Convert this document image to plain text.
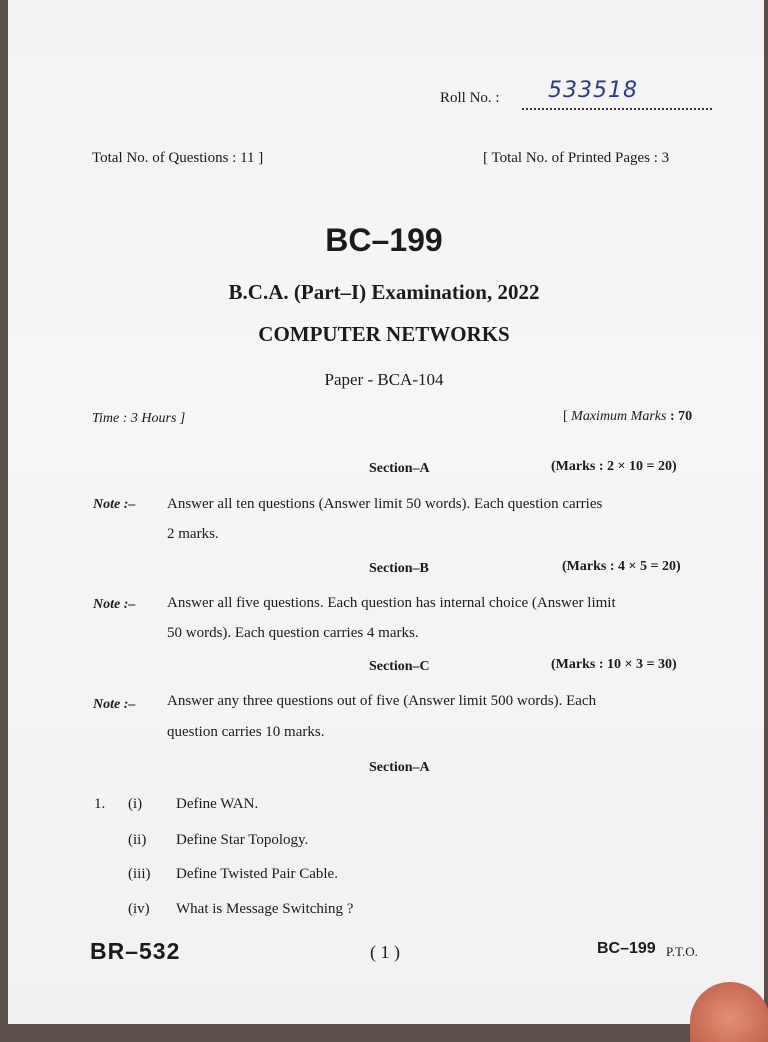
Roll No. : 533518
Total No. of Questions : 11 ]	[ Total No. of Printed Pages : 3
BC–199
B.C.A. (Part–I) Examination, 2022
COMPUTER NETWORKS
Paper - BCA-104
Time : 3 Hours ]	[ Maximum Marks : 70
Section–A	(Marks : 2 × 10 = 20)
Note :– Answer all ten questions (Answer limit 50 words). Each question carries
2 marks.
Section–B	(Marks : 4 × 5 = 20)
Note :– Answer all five questions. Each question has internal choice (Answer limit
50 words). Each question carries 4 marks.
Section–C	(Marks : 10 × 3 = 30)
Note :– Answer any three questions out of five (Answer limit 500 words). Each
question carries 10 marks.
Section–A
1. (i) Define WAN.
(ii) Define Star Topology.
(iii) Define Twisted Pair Cable.
(iv) What is Message Switching ?
BR–532	( 1 )	BC–199 P.T.O.
